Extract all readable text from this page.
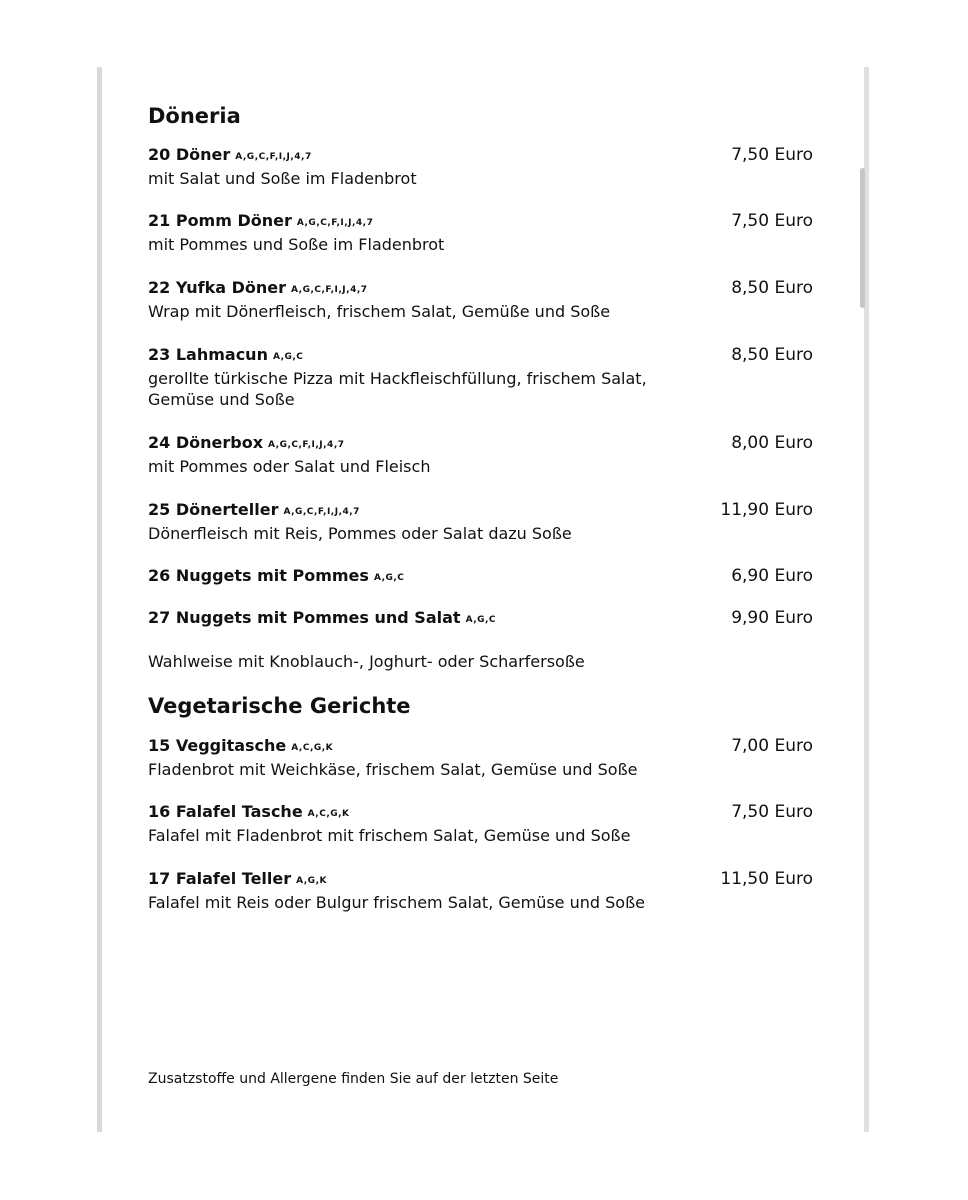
Döneria
20 Döner A,G,C,F,I,J,4,7
mit Salat und Soße im Fladenbrot
7,50 Euro
21 Pomm Döner A,G,C,F,I,J,4,7
mit Pommes und Soße im Fladenbrot
7,50 Euro
22 Yufka Döner A,G,C,F,I,J,4,7
Wrap mit Dönerfleisch, frischem Salat, Gemüße und Soße
8,50 Euro
23 Lahmacun A,G,C
gerollte türkische Pizza mit Hackfleischfüllung, frischem Salat, Gemüse und Soße
8,50 Euro
24 Dönerbox A,G,C,F,I,J,4,7
mit Pommes oder Salat und Fleisch
8,00 Euro
25 Dönerteller A,G,C,F,I,J,4,7
Dönerfleisch mit Reis, Pommes oder Salat dazu Soße
11,90 Euro
26 Nuggets mit Pommes A,G,C	6,90 Euro
27 Nuggets mit Pommes und Salat A,G,C	9,90 Euro
Wahlweise mit Knoblauch-, Joghurt- oder Scharfersoße
Vegetarische Gerichte
15 Veggitasche A,C,G,K
Fladenbrot mit Weichkäse, frischem Salat, Gemüse und Soße
7,00 Euro
16 Falafel Tasche A,C,G,K
Falafel mit Fladenbrot mit frischem Salat, Gemüse und Soße
7,50 Euro
17 Falafel Teller A,G,K
Falafel mit Reis oder Bulgur frischem Salat, Gemüse und Soße
11,50 Euro
Zusatzstoffe und Allergene finden Sie auf der letzten Seite
